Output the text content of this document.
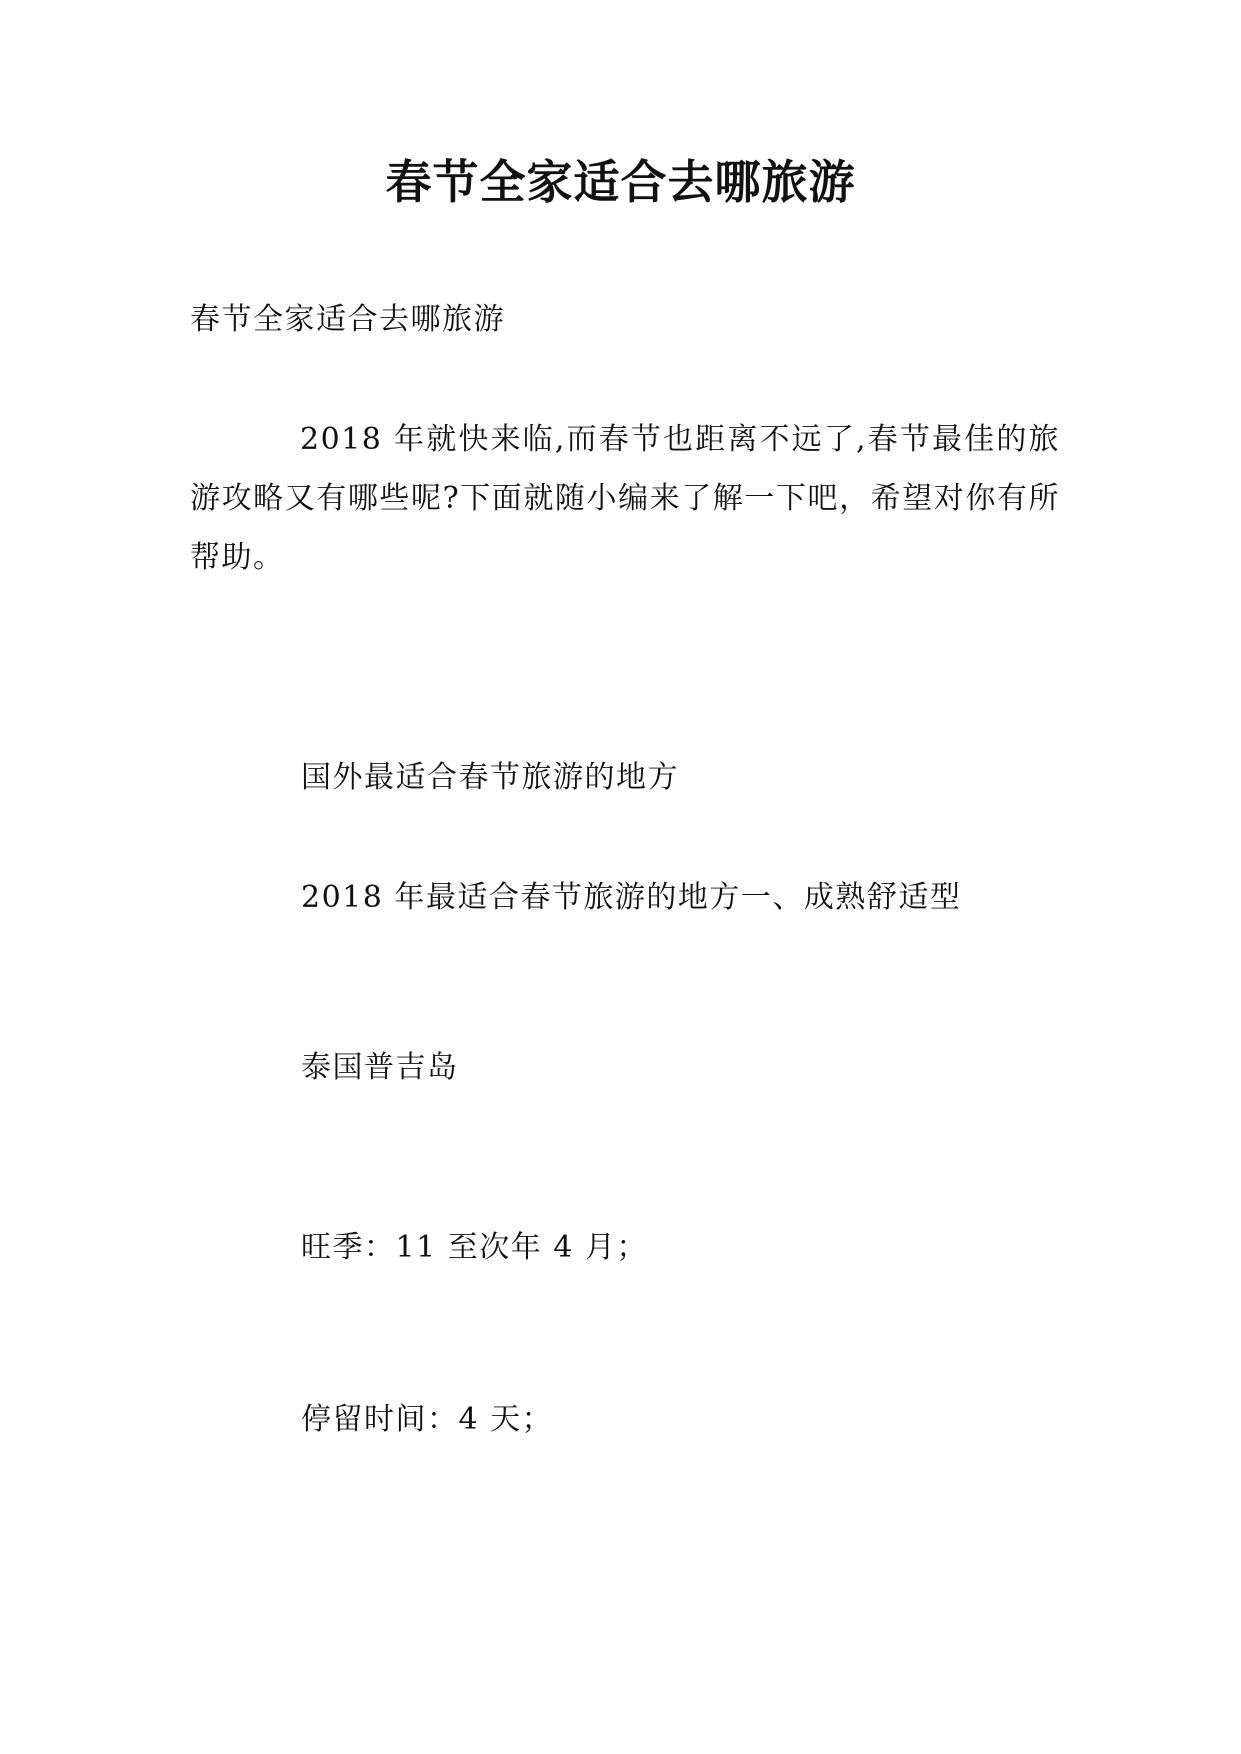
春节全家适合去哪旅游
春节全家适合去哪旅游
2018 年就快来临,而春节也距离不远了,春节最佳的旅游攻略又有哪些呢?下面就随小编来了解一下吧，希望对你有所帮助。
国外最适合春节旅游的地方
2018 年最适合春节旅游的地方一、成熟舒适型
泰国普吉岛
旺季：11 至次年 4 月；
停留时间：4 天；
